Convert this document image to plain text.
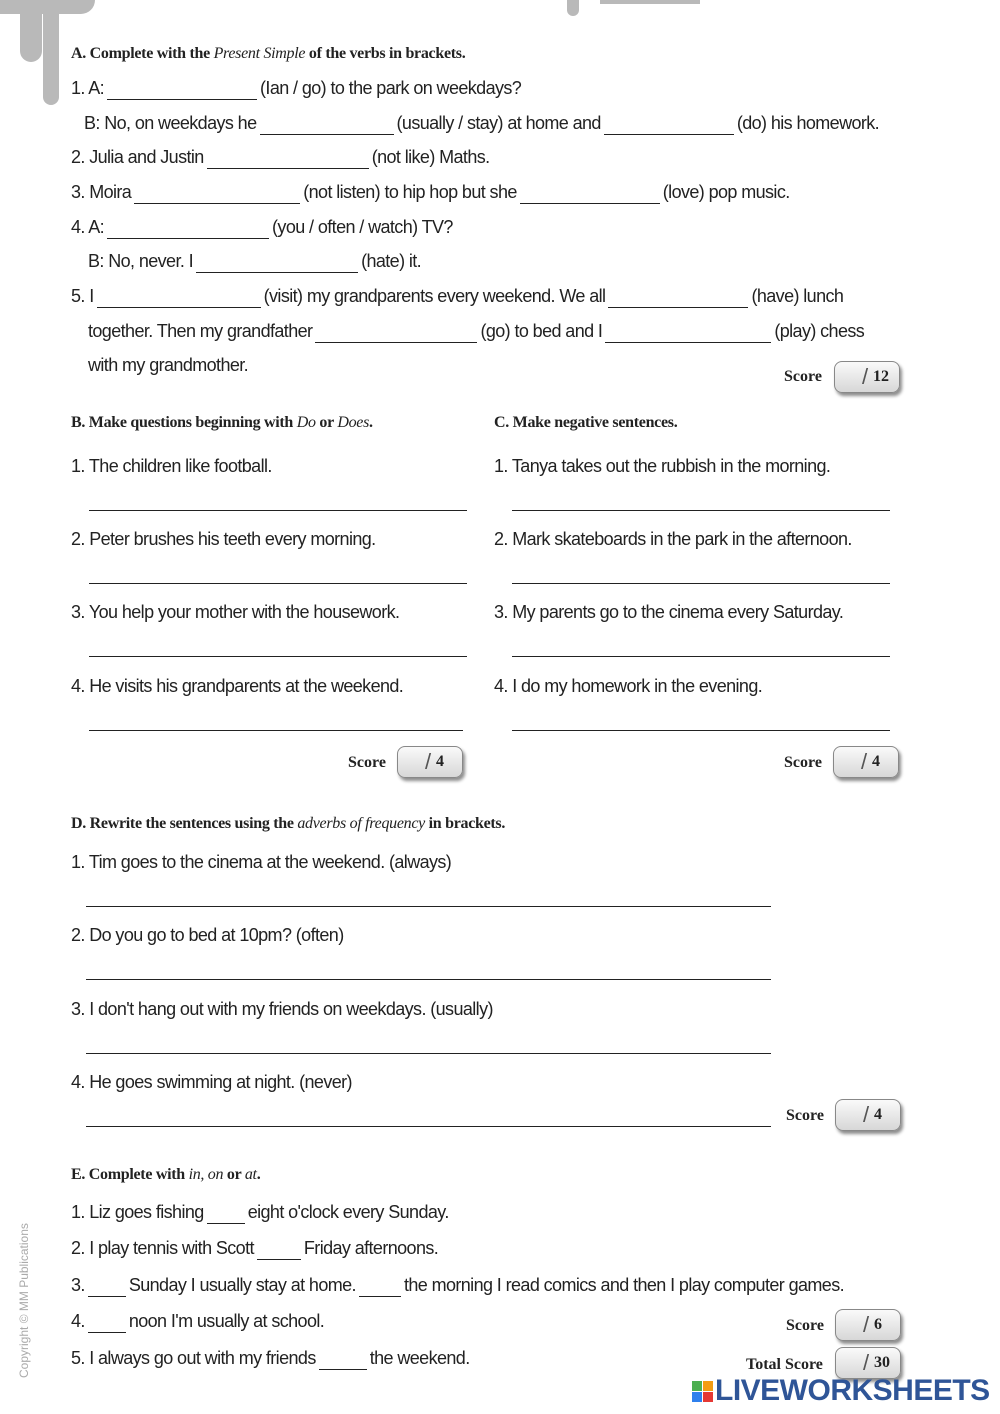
A. Complete with the Present Simple of the verbs in brackets.
1. A:	(Ian / go) to the park on weekdays?
B: No, on weekdays he	(usually / stay) at home and	(do) his homework.
2. Julia and Justin	(not like) Maths.
3. Moira	(not listen) to hip hop but she	(love) pop music.
4. A:	(you / often / watch) TV?
B: No, never. I	(hate) it.
5. I	(visit) my grandparents every weekend. We all	(have) lunch
together. Then my grandfather	(go) to bed and I	(play) chess
with my grandmother.
Score / 12
B. Make questions beginning with Do or Does.
1. The children like football.
2. Peter brushes his teeth every morning.
3. You help your mother with the housework.
4. He visits his grandparents at the weekend.
Score / 4
C. Make negative sentences.
1. Tanya takes out the rubbish in the morning.
2. Mark skateboards in the park in the afternoon.
3. My parents go to the cinema every Saturday.
4. I do my homework in the evening.
Score / 4
D. Rewrite the sentences using the adverbs of frequency in brackets.
1. Tim goes to the cinema at the weekend. (always)
2. Do you go to bed at 10pm? (often)
3. I don't hang out with my friends on weekdays. (usually)
4. He goes swimming at night. (never)
Score / 4
E. Complete with in, on or at.
1. Liz goes fishing eight o'clock every Sunday.
2. I play tennis with Scott	Friday afternoons.
3. Sunday I usually stay at home.	the morning I read comics and then I play computer games.
4. noon I'm usually at school.
5. I always go out with my friends	the weekend.
Score / 6
Total Score / 30
Copyright © MM Publications
LIVEWORKSHEETS
